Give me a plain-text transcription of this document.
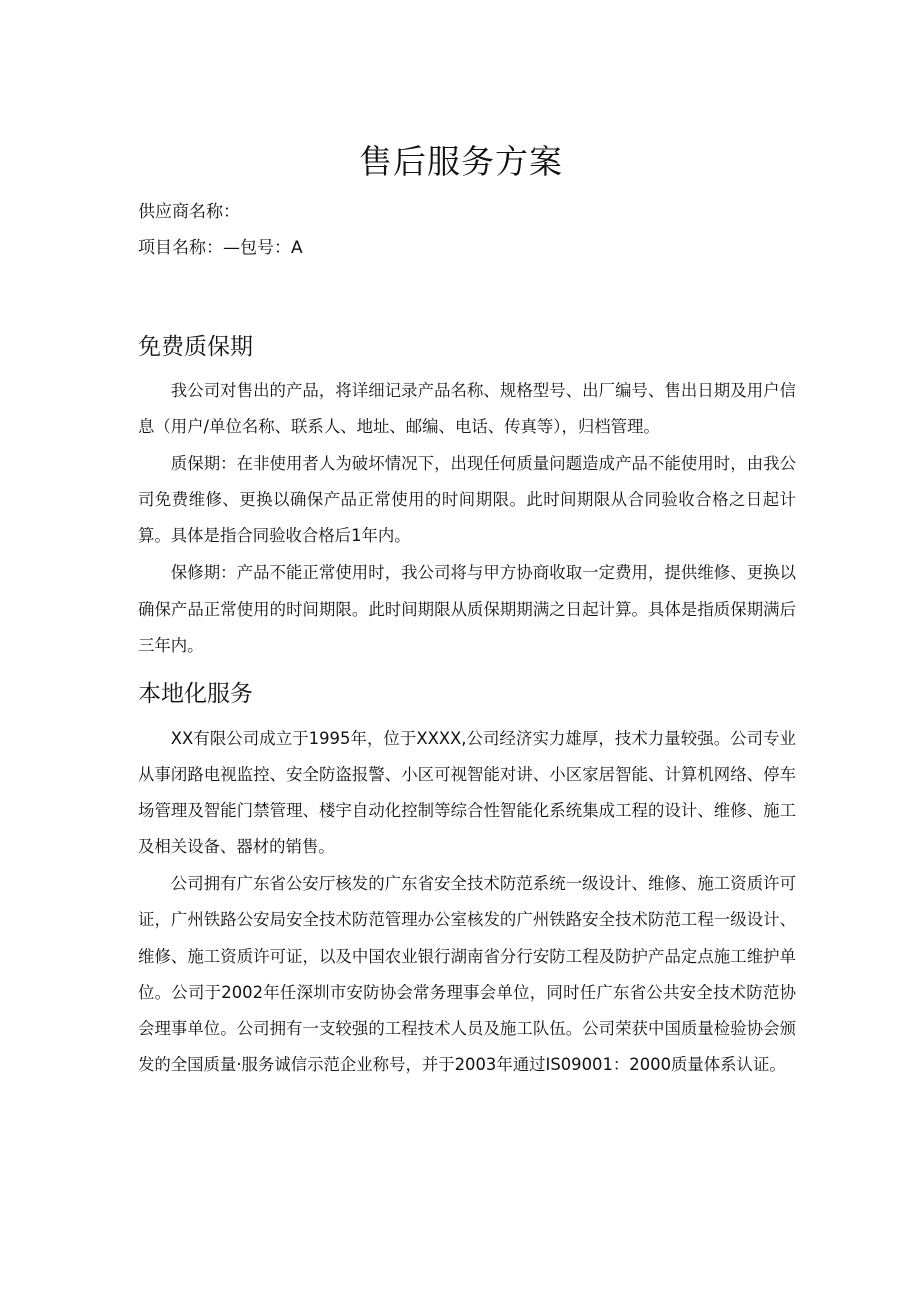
售后服务方案

供应商名称：

项目名称：—包号：A

免费质保期

我公司对售出的产品，将详细记录产品名称、规格型号、出厂编号、售出日期及用户信息（用户/单位名称、联系人、地址、邮编、电话、传真等），归档管理。

质保期：在非使用者人为破坏情况下，出现任何质量问题造成产品不能使用时，由我公司免费维修、更换以确保产品正常使用的时间期限。此时间期限从合同验收合格之日起计算。具体是指合同验收合格后1年内。

保修期：产品不能正常使用时，我公司将与甲方协商收取一定费用，提供维修、更换以确保产品正常使用的时间期限。此时间期限从质保期期满之日起计算。具体是指质保期满后三年内。

本地化服务

XX有限公司成立于1995年，位于XXXX,公司经济实力雄厚，技术力量较强。公司专业从事闭路电视监控、安全防盗报警、小区可视智能对讲、小区家居智能、计算机网络、停车场管理及智能门禁管理、楼宇自动化控制等综合性智能化系统集成工程的设计、维修、施工及相关设备、器材的销售。

公司拥有广东省公安厅核发的广东省安全技术防范系统一级设计、维修、施工资质许可证，广州铁路公安局安全技术防范管理办公室核发的广州铁路安全技术防范工程一级设计、维修、施工资质许可证，以及中国农业银行湖南省分行安防工程及防护产品定点施工维护单位。公司于2002年任深圳市安防协会常务理事会单位，同时任广东省公共安全技术防范协会理事单位。公司拥有一支较强的工程技术人员及施工队伍。公司荣获中国质量检验协会颁发的全国质量·服务诚信示范企业称号，并于2003年通过IS09001：2000质量体系认证。
